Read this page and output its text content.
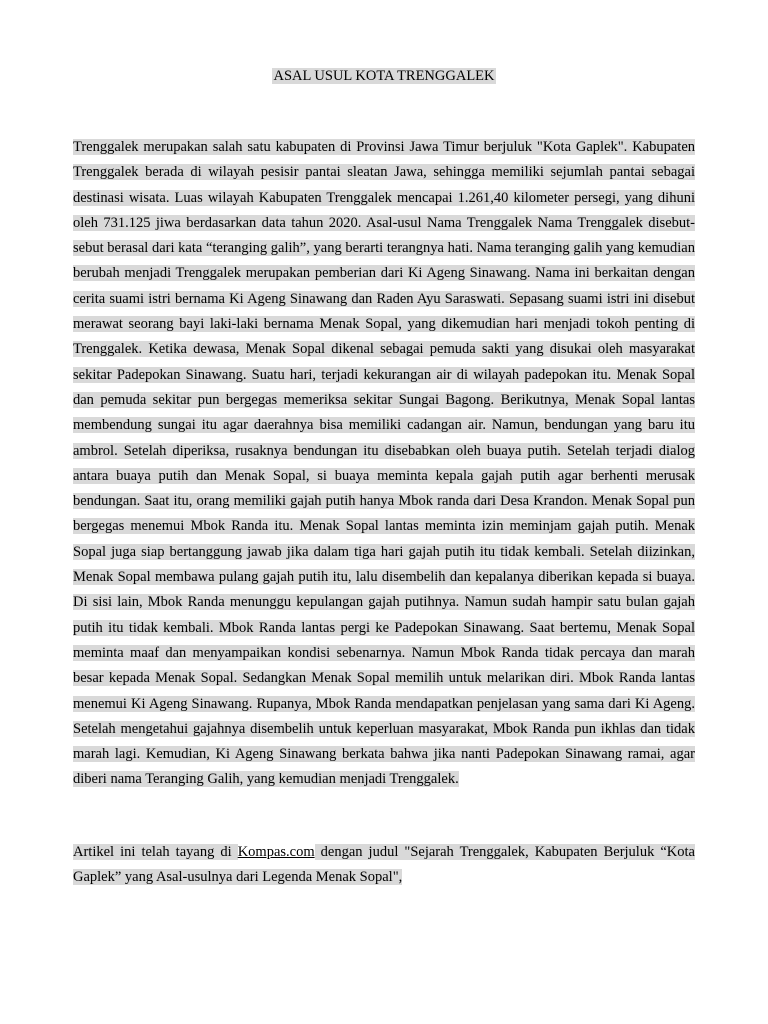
ASAL USUL KOTA TRENGGALEK

Trenggalek merupakan salah satu kabupaten di Provinsi Jawa Timur berjuluk "Kota Gaplek". Kabupaten Trenggalek berada di wilayah pesisir pantai sleatan Jawa, sehingga memiliki sejumlah pantai sebagai destinasi wisata. Luas wilayah Kabupaten Trenggalek mencapai 1.261,40 kilometer persegi, yang dihuni oleh 731.125 jiwa berdasarkan data tahun 2020. Asal-usul Nama Trenggalek Nama Trenggalek disebut-sebut berasal dari kata “teranging galih”, yang berarti terangnya hati. Nama teranging galih yang kemudian berubah menjadi Trenggalek merupakan pemberian dari Ki Ageng Sinawang. Nama ini berkaitan dengan cerita suami istri bernama Ki Ageng Sinawang dan Raden Ayu Saraswati. Sepasang suami istri ini disebut merawat seorang bayi laki-laki bernama Menak Sopal, yang dikemudian hari menjadi tokoh penting di Trenggalek. Ketika dewasa, Menak Sopal dikenal sebagai pemuda sakti yang disukai oleh masyarakat sekitar Padepokan Sinawang. Suatu hari, terjadi kekurangan air di wilayah padepokan itu. Menak Sopal dan pemuda sekitar pun bergegas memeriksa sekitar Sungai Bagong. Berikutnya, Menak Sopal lantas membendung sungai itu agar daerahnya bisa memiliki cadangan air. Namun, bendungan yang baru itu ambrol. Setelah diperiksa, rusaknya bendungan itu disebabkan oleh buaya putih. Setelah terjadi dialog antara buaya putih dan Menak Sopal, si buaya meminta kepala gajah putih agar berhenti merusak bendungan. Saat itu, orang memiliki gajah putih hanya Mbok randa dari Desa Krandon. Menak Sopal pun bergegas menemui Mbok Randa itu. Menak Sopal lantas meminta izin meminjam gajah putih. Menak Sopal juga siap bertanggung jawab jika dalam tiga hari gajah putih itu tidak kembali. Setelah diizinkan, Menak Sopal membawa pulang gajah putih itu, lalu disembelih dan kepalanya diberikan kepada si buaya. Di sisi lain, Mbok Randa menunggu kepulangan gajah putihnya. Namun sudah hampir satu bulan gajah putih itu tidak kembali. Mbok Randa lantas pergi ke Padepokan Sinawang. Saat bertemu, Menak Sopal meminta maaf dan menyampaikan kondisi sebenarnya. Namun Mbok Randa tidak percaya dan marah besar kepada Menak Sopal. Sedangkan Menak Sopal memilih untuk melarikan diri. Mbok Randa lantas menemui Ki Ageng Sinawang. Rupanya, Mbok Randa mendapatkan penjelasan yang sama dari Ki Ageng. Setelah mengetahui gajahnya disembelih untuk keperluan masyarakat, Mbok Randa pun ikhlas dan tidak marah lagi. Kemudian, Ki Ageng Sinawang berkata bahwa jika nanti Padepokan Sinawang ramai, agar diberi nama Teranging Galih, yang kemudian menjadi Trenggalek.

Artikel ini telah tayang di Kompas.com dengan judul "Sejarah Trenggalek, Kabupaten Berjuluk “Kota Gaplek” yang Asal-usulnya dari Legenda Menak Sopal",
